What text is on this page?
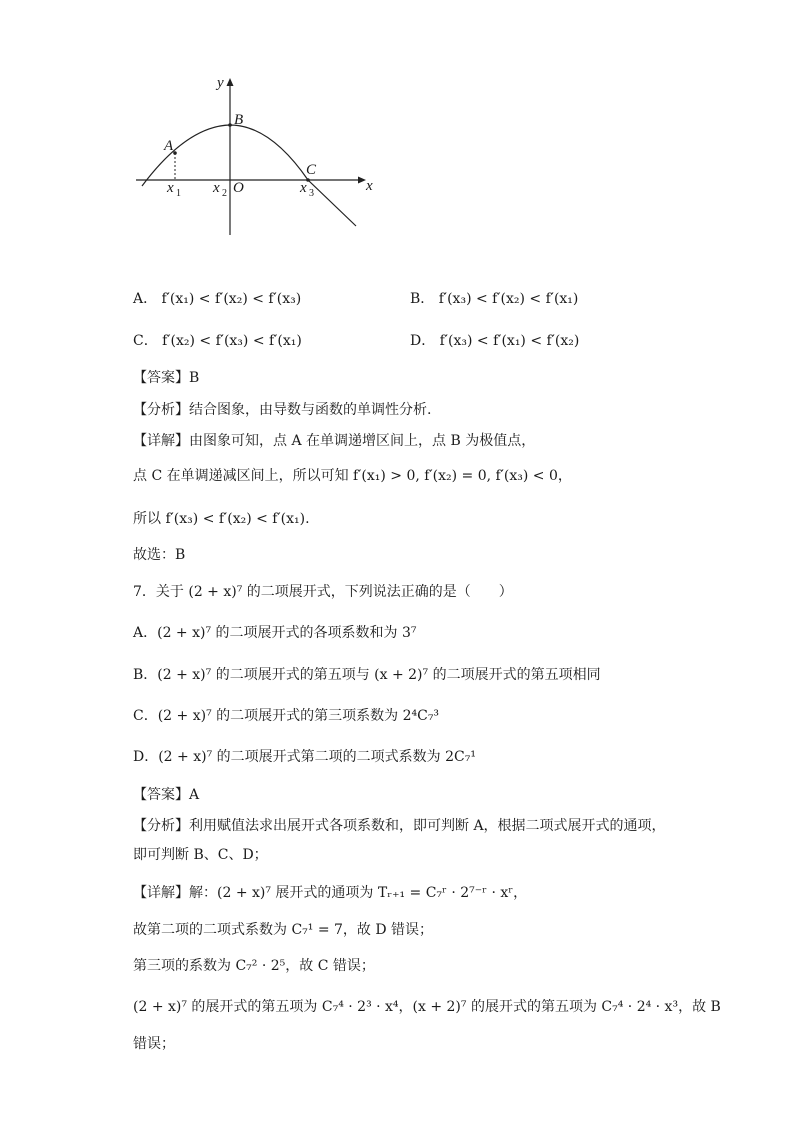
y
x
A
B
C
x 1 x 2 O	x 3
A． f′(x₁) < f′(x₂) < f′(x₃)	B． f′(x₃) < f′(x₂) < f′(x₁)
C． f′(x₂) < f′(x₃) < f′(x₁)	D． f′(x₃) < f′(x₁) < f′(x₂)
【答案】B
【分析】结合图象，由导数与函数的单调性分析.
【详解】由图象可知，点 A 在单调递增区间上，点 B 为极值点，
点 C 在单调递减区间上，所以可知 f′(x₁) > 0, f′(x₂) = 0, f′(x₃) < 0，
所以 f′(x₃) < f′(x₂) < f′(x₁).
故选：B
7．关于 (2 + x)⁷ 的二项展开式，下列说法正确的是（　　）
A．(2 + x)⁷ 的二项展开式的各项系数和为 3⁷
B．(2 + x)⁷ 的二项展开式的第五项与 (x + 2)⁷ 的二项展开式的第五项相同
C．(2 + x)⁷ 的二项展开式的第三项系数为 2⁴C₇³
D．(2 + x)⁷ 的二项展开式第二项的二项式系数为 2C₇¹
【答案】A
【分析】利用赋值法求出展开式各项系数和，即可判断 A，根据二项式展开式的通项，
即可判断 B、C、D；
【详解】解：(2 + x)⁷ 展开式的通项为 Tᵣ₊₁ = C₇ʳ · 2⁷⁻ʳ · xʳ，
故第二项的二项式系数为 C₇¹ = 7，故 D 错误；
第三项的系数为 C₇² · 2⁵，故 C 错误；
(2 + x)⁷ 的展开式的第五项为 C₇⁴ · 2³ · x⁴，(x + 2)⁷ 的展开式的第五项为 C₇⁴ · 2⁴ · x³，故 B
错误；
